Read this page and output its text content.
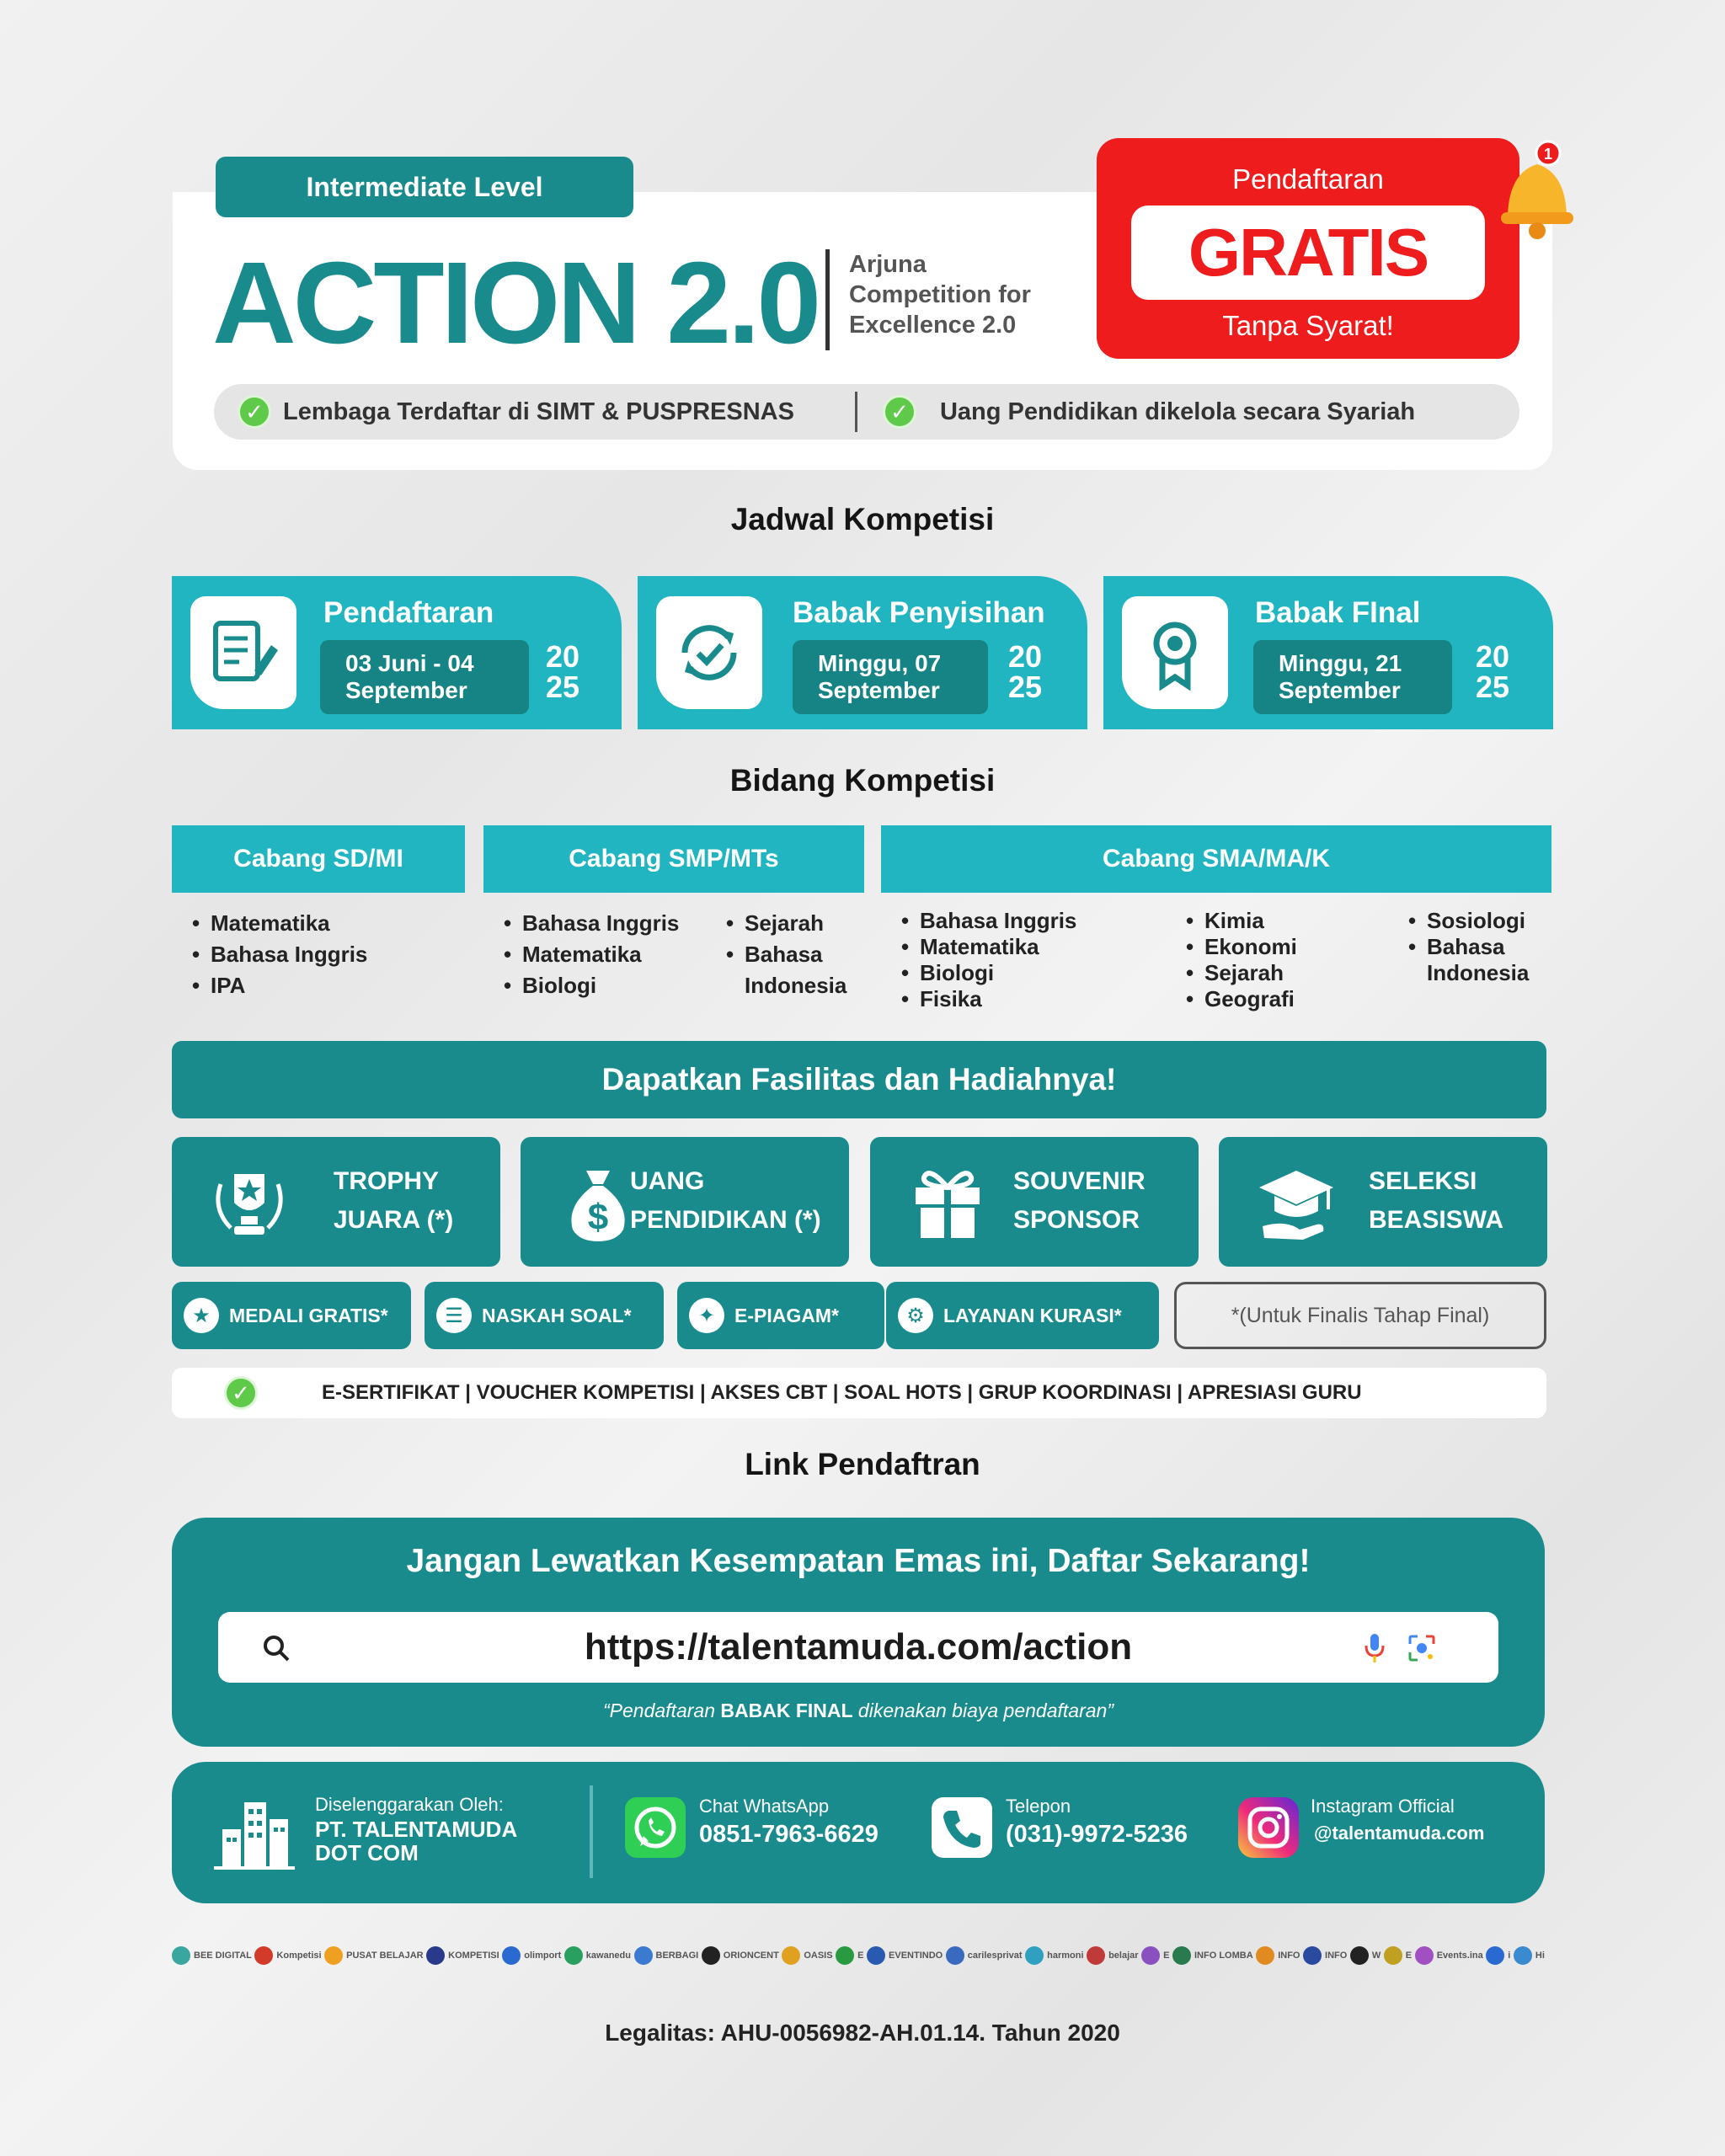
Intermediate Level
ACTION 2.0 Arjuna
Competition for
Excellence 2.0
Pendaftaran
GRATIS
Tanpa Syarat!
1
✓ Lembaga Terdaftar di SIMT & PUSPRESNAS	✓	Uang Pendidikan dikelola secara Syariah
Jadwal Kompetisi
Pendaftaran
03 Juni - 04
September
20
25
Babak Penyisihan
Minggu, 07
September
20
25
Babak FInal
Minggu, 21
September
20
25
Bidang Kompetisi
Cabang SD/MI	Cabang SMP/MTs	Cabang SMA/MA/K
• Matematika
• Bahasa Inggris
• IPA
• Bahasa Inggris
• Matematika
• Biologi
• Sejarah
• Bahasa Indonesia
• Bahasa Inggris
• Matematika
• Biologi
• Fisika
• Kimia
• Ekonomi
• Sejarah
• Geografi
• Sosiologi
• Bahasa Indonesia
Dapatkan Fasilitas dan Hadiahnya!
TROPHY
JUARA (*)	$
UANG
PENDIDIKAN (*)
SOUVENIR
SPONSOR
SELEKSI
BEASISWA
★ MEDALI GRATIS*	☰ NASKAH SOAL*	✦ E-PIAGAM*	⚙ LAYANAN KURASI*	*(Untuk Finalis Tahap Final)
✓	E-SERTIFIKAT | VOUCHER KOMPETISI | AKSES CBT | SOAL HOTS | GRUP KOORDINASI | APRESIASI GURU
Link Pendaftran
Jangan Lewatkan Kesempatan Emas ini, Daftar Sekarang!
https://talentamuda.com/action
“Pendaftaran BABAK FINAL dikenakan biaya pendaftaran”
Diselenggarakan Oleh:
PT. TALENTAMUDA
DOT COM
Chat WhatsApp
0851-7963-6629
Telepon
(031)-9972-5236
Instagram Official
@talentamuda.com
BEE DIGITAL	Kompetisi	PUSAT BELAJAR	KOMPETISI	olimport	kawanedu	BERBAGI	ORIONCENT	OASIS	E	EVENTINDO	carilesprivat	harmoni	belajar	E	INFO LOMBA	INFO	INFO	W	E	Events.ina	i	Hi
Legalitas: AHU-0056982-AH.01.14. Tahun 2020
